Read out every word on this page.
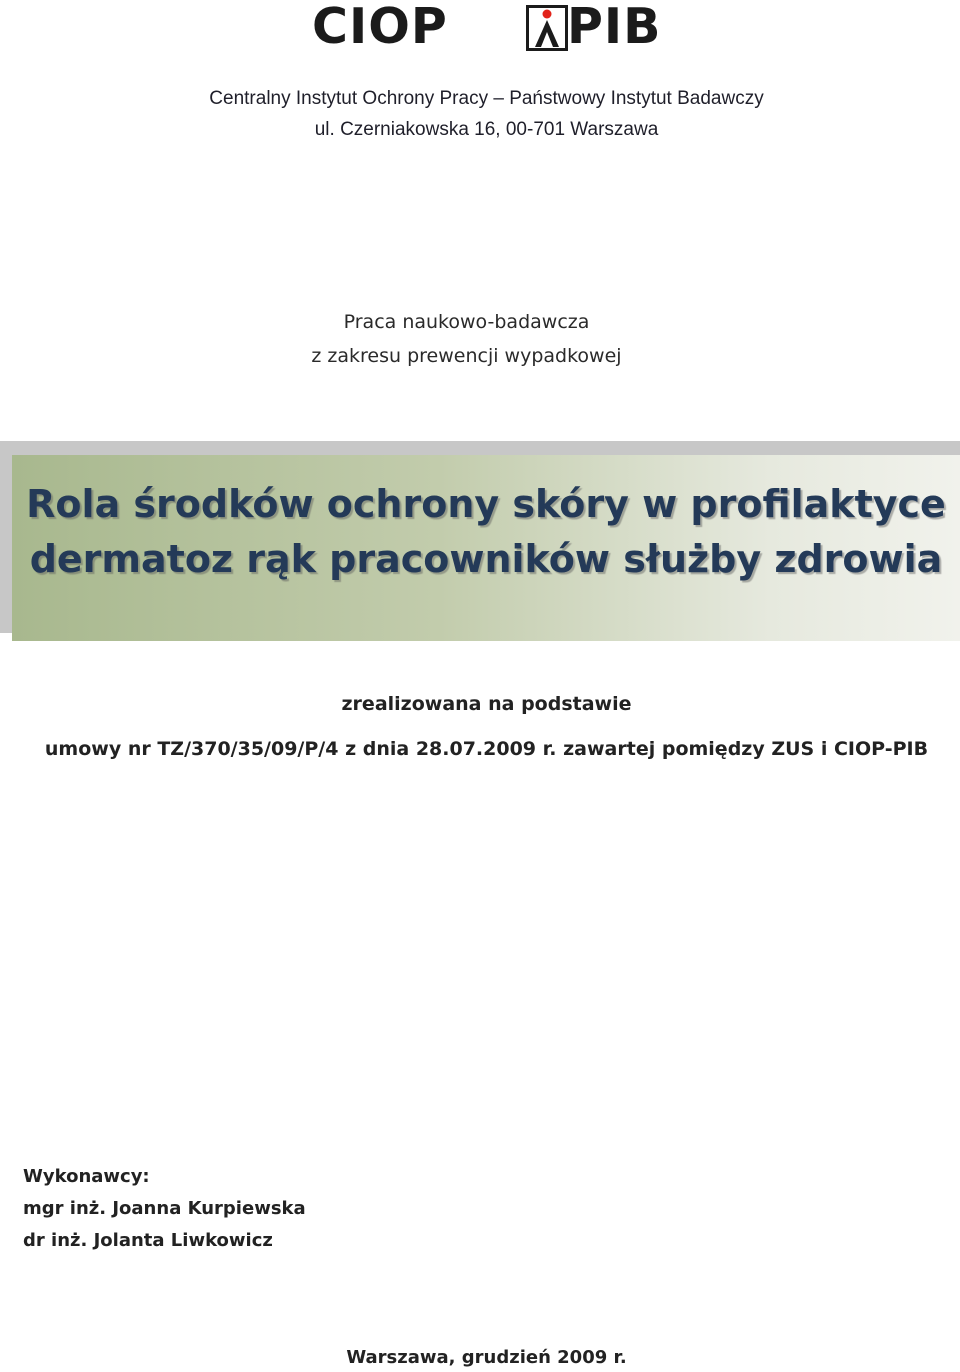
CIOP PIB
Centralny Instytut Ochrony Pracy – Państwowy Instytut Badawczy
ul. Czerniakowska 16, 00-701 Warszawa
Praca naukowo-badawcza
z zakresu prewencji wypadkowej
Rola środków ochrony skóry w profilaktyce
dermatoz rąk pracowników służby zdrowia
zrealizowana na podstawie
umowy nr TZ/370/35/09/P/4 z dnia 28.07.2009 r. zawartej pomiędzy ZUS i CIOP-PIB
Wykonawcy:
mgr inż. Joanna Kurpiewska
dr inż. Jolanta Liwkowicz
Warszawa, grudzień 2009 r.
